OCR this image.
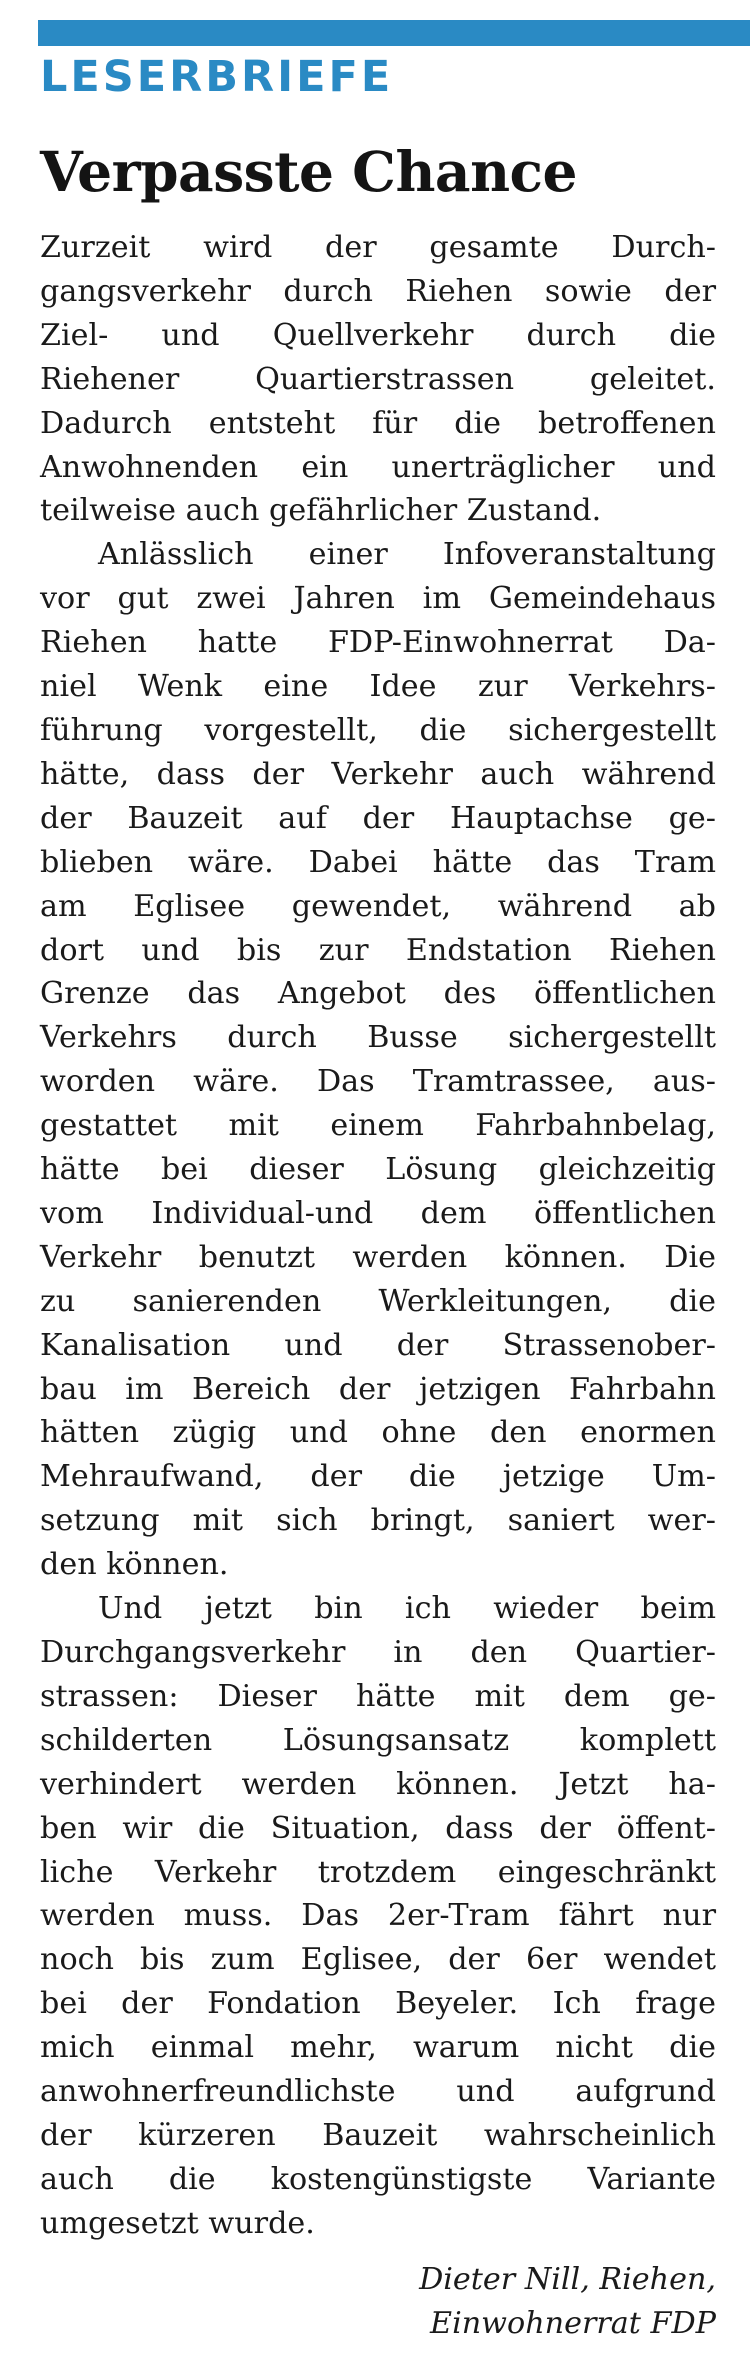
LESERBRIEFE
Verpasste Chance

Zurzeit wird der gesamte Durch-
gangsverkehr durch Riehen sowie der
Ziel- und Quellverkehr durch die
Riehener Quartierstrassen geleitet.
Dadurch entsteht für die betroffenen
Anwohnenden ein unerträglicher und
teilweise auch gefährlicher Zustand.

Anlässlich einer Infoveranstaltung
vor gut zwei Jahren im Gemeindehaus
Riehen hatte FDP-Einwohnerrat Da-
niel Wenk eine Idee zur Verkehrs-
führung vorgestellt, die sichergestellt
hätte, dass der Verkehr auch während
der Bauzeit auf der Hauptachse ge-
blieben wäre. Dabei hätte das Tram
am Eglisee gewendet, während ab
dort und bis zur Endstation Riehen
Grenze das Angebot des öffentlichen
Verkehrs durch Busse sichergestellt
worden wäre. Das Tramtrassee, aus-
gestattet mit einem Fahrbahnbelag,
hätte bei dieser Lösung gleichzeitig
vom Individual-und dem öffentlichen
Verkehr benutzt werden können. Die
zu sanierenden Werkleitungen, die
Kanalisation und der Strassenober-
bau im Bereich der jetzigen Fahrbahn
hätten zügig und ohne den enormen
Mehraufwand, der die jetzige Um-
setzung mit sich bringt, saniert wer-
den können.

Und jetzt bin ich wieder beim
Durchgangsverkehr in den Quartier-
strassen: Dieser hätte mit dem ge-
schilderten Lösungsansatz komplett
verhindert werden können. Jetzt ha-
ben wir die Situation, dass der öffent-
liche Verkehr trotzdem eingeschränkt
werden muss. Das 2er-Tram fährt nur
noch bis zum Eglisee, der 6er wendet
bei der Fondation Beyeler. Ich frage
mich einmal mehr, warum nicht die
anwohnerfreundlichste und aufgrund
der kürzeren Bauzeit wahrscheinlich
auch die kostengünstigste Variante
umgesetzt wurde.

Dieter Nill, Riehen,
Einwohnerrat FDP
